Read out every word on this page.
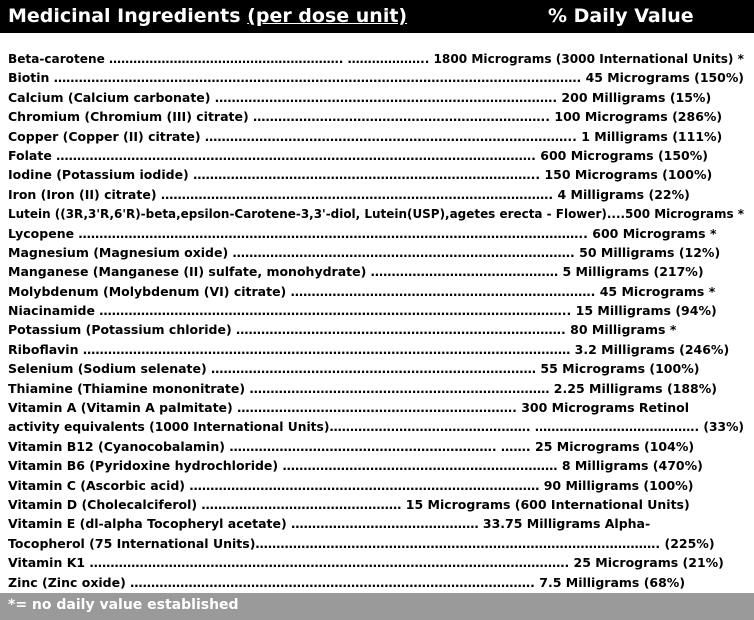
Medicinal Ingredients (per dose unit)	% Daily Value
Beta-carotene …………………………………………………. ……………….. 1800 Micrograms (3000 International Units) *
Biotin ………………………………………………………………………………………………………………. 45 Micrograms (150%)
Calcium (Calcium carbonate) ………………………………………………………………………. 200 Milligrams (15%)
Chromium (Chromium (III) citrate) …………………………………………………………….. 100 Micrograms (286%)
Copper (Copper (II) citrate) …………………………………………………………………………….. 1 Milligrams (111%)
Folate ……………………………………………………………………………………………………. 600 Micrograms (150%)
Iodine (Potassium iodide) ……………………………………………………………………….. 150 Micrograms (100%)
Iron (Iron (II) citrate) …………………………………………………………………………………. 4 Milligrams (22%)
Lutein ((3R,3'R,6'R)-beta,epsilon-Carotene-3,3'-diol, Lutein(USP),agetes erecta - Flower)....500 Micrograms *
Lycopene ………………………………………………………………………………………………………….. 600 Micrograms *
Magnesium (Magnesium oxide) ………………………………………………………………………. 50 Milligrams (12%)
Manganese (Manganese (II) sulfate, monohydrate) ……………………………………… 5 Milligrams (217%)
Molybdenum (Molybdenum (VI) citrate) ………………………………………………………………. 45 Micrograms *
Niacinamide ………………………………………………………………………………………………….. 15 Milligrams (94%)
Potassium (Potassium chloride) ……………………………………………………………………. 80 Milligrams *
Riboflavin ……………………………………………………………………………………………………… 3.2 Milligrams (246%)
Selenium (Sodium selenate) …………………………………………………………………… 55 Micrograms (100%)
Thiamine (Thiamine mononitrate) ……………………………………………………………… 2.25 Milligrams (188%)
Vitamin A (Vitamin A palmitate) …………………………………………………………. 300 Micrograms Retinol
activity equivalents (1000 International Units)…………………………………………. …………………………………. (33%)
Vitamin B12 (Cyanocobalamin) ………………………………………………………. ……. 25 Micrograms (104%)
Vitamin B6 (Pyridoxine hydrochloride) ………………………………………………………… 8 Milligrams (470%)
Vitamin C (Ascorbic acid) ………………………………………………………………………… 90 Milligrams (100%)
Vitamin D (Cholecalciferol) ………………………………………… 15 Micrograms (600 International Units)
Vitamin E (dl-alpha Tocopheryl acetate) ……………………………………… 33.75 Milligrams Alpha-
Tocopherol (75 International Units)……………………………………………………………………………………. (225%)
Vitamin K1 ……………………………………………………………………………………………………. 25 Micrograms (21%)
Zinc (Zinc oxide) ……………………………………………………………………………………. 7.5 Milligrams (68%)
*= no daily value established
